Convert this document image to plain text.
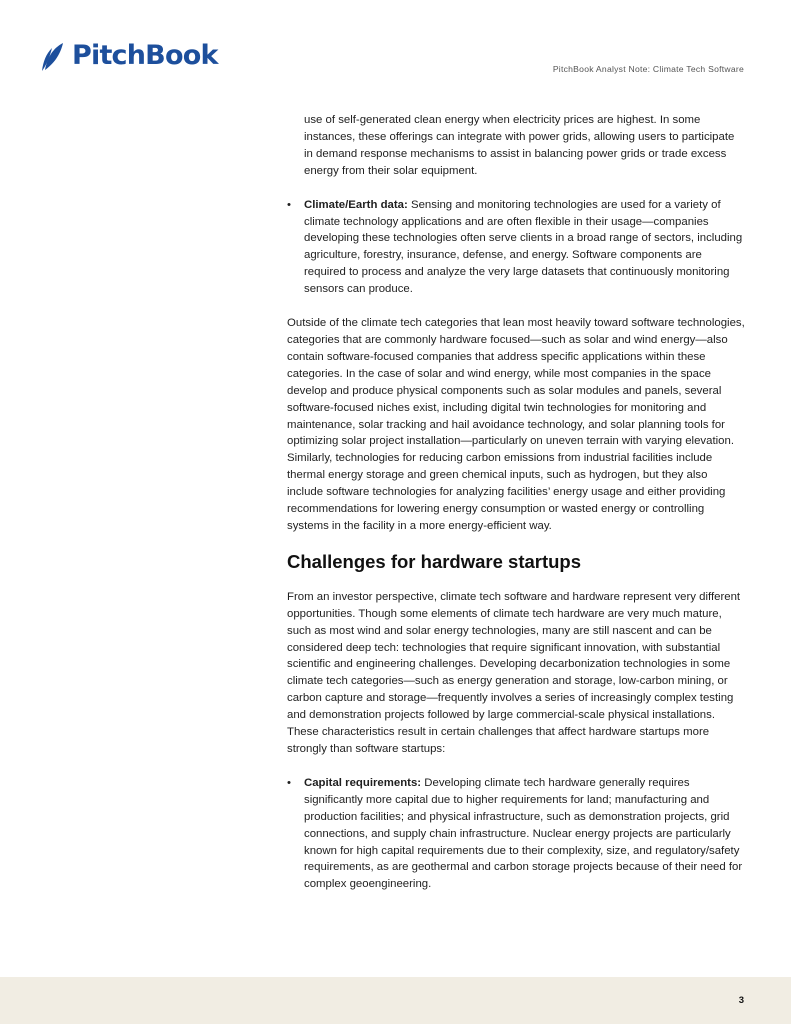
PitchBook	PitchBook Analyst Note: Climate Tech Software

use of self-generated clean energy when electricity prices are highest. In some instances, these offerings can integrate with power grids, allowing users to participate in demand response mechanisms to assist in balancing power grids or trade excess energy from their solar equipment.

• Climate/Earth data: Sensing and monitoring technologies are used for a variety of climate technology applications and are often flexible in their usage—companies developing these technologies often serve clients in a broad range of sectors, including agriculture, forestry, insurance, defense, and energy. Software components are required to process and analyze the very large datasets that continuously monitoring sensors can produce.

Outside of the climate tech categories that lean most heavily toward software technologies, categories that are commonly hardware focused—such as solar and wind energy—also contain software-focused companies that address specific applications within these categories. In the case of solar and wind energy, while most companies in the space develop and produce physical components such as solar modules and panels, several software-focused niches exist, including digital twin technologies for monitoring and maintenance, solar tracking and hail avoidance technology, and solar planning tools for optimizing solar project installation—particularly on uneven terrain with varying elevation. Similarly, technologies for reducing carbon emissions from industrial facilities include thermal energy storage and green chemical inputs, such as hydrogen, but they also include software technologies for analyzing facilities’ energy usage and either providing recommendations for lowering energy consumption or wasted energy or controlling systems in the facility in a more energy-efficient way.

Challenges for hardware startups

From an investor perspective, climate tech software and hardware represent very different opportunities. Though some elements of climate tech hardware are very much mature, such as most wind and solar energy technologies, many are still nascent and can be considered deep tech: technologies that require significant innovation, with substantial scientific and engineering challenges. Developing decarbonization technologies in some climate tech categories—such as energy generation and storage, low-carbon mining, or carbon capture and storage—frequently involves a series of increasingly complex testing and demonstration projects followed by large commercial-scale physical installations. These characteristics result in certain challenges that affect hardware startups more strongly than software startups:

• Capital requirements: Developing climate tech hardware generally requires significantly more capital due to higher requirements for land; manufacturing and production facilities; and physical infrastructure, such as demonstration projects, grid connections, and supply chain infrastructure. Nuclear energy projects are particularly known for high capital requirements due to their complexity, size, and regulatory/safety requirements, as are geothermal and carbon storage projects because of their need for complex geoengineering.

3
